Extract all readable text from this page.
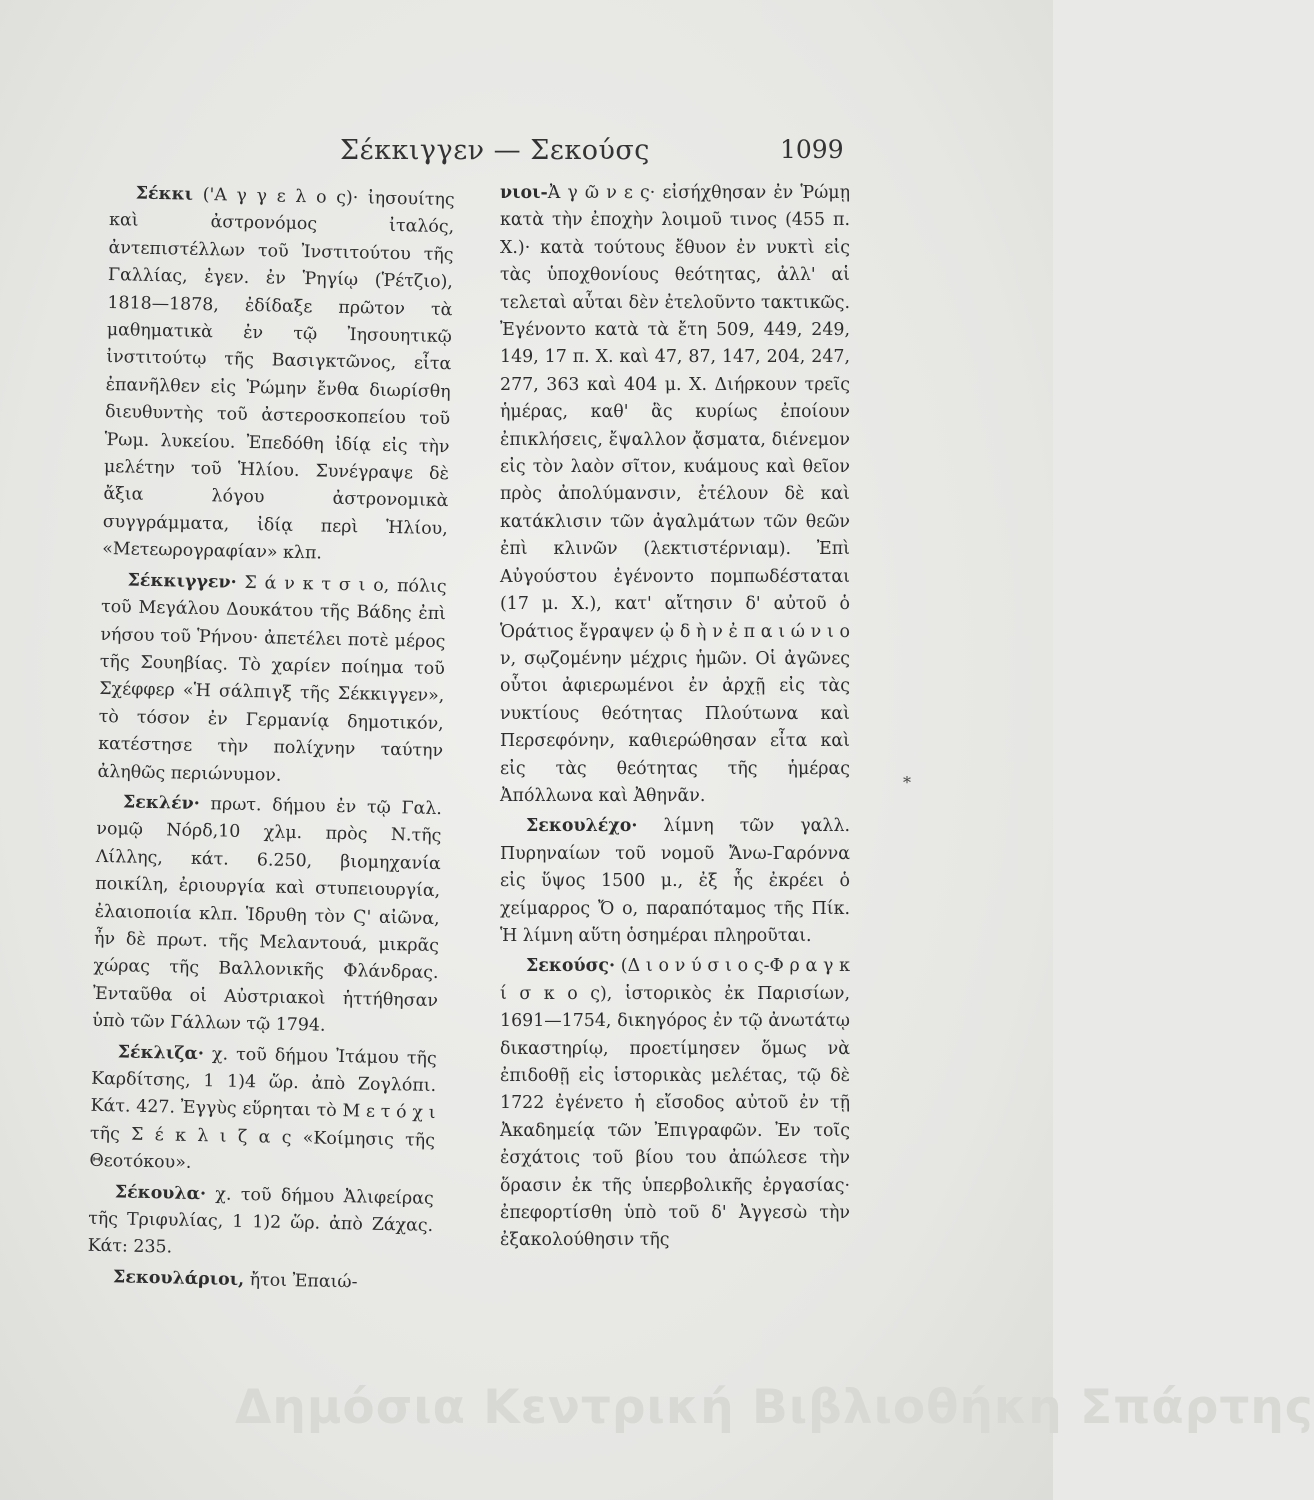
Σέκκιγγεν — Σεκούσς	1099

Σέκκι ('Α γ γ ε λ ο ς)· ἰησουίτης καὶ ἀστρονόμος ἰταλός, ἀντεπιστέλλων τοῦ Ἰνστιτούτου τῆς Γαλλίας, ἐγεν. ἐν Ῥηγίῳ (Ῥέτζιο), 1818—1878, ἐδίδαξε πρῶτον τὰ μαθηματικὰ ἐν τῷ Ἰησουητικῷ ἰνστιτούτῳ τῆς Βασιγκτῶνος, εἶτα ἐπανῆλθεν εἰς Ῥώμην ἔνθα διωρίσθη διευθυντὴς τοῦ ἀστεροσκοπείου τοῦ Ῥωμ. λυκείου. Ἐπεδόθη ἰδίᾳ εἰς τὴν μελέτην τοῦ Ἡλίου. Συνέγραψε δὲ ἄξια λόγου ἀστρονομικὰ συγγράμματα, ἰδίᾳ περὶ Ἡλίου, «Μετεωρογραφίαν» κλπ.

Σέκκιγγεν· Σ ά ν κ τ σ ι ο, πόλις τοῦ Μεγάλου Δουκάτου τῆς Βάδης ἐπὶ νήσου τοῦ Ῥήνου· ἀπετέλει ποτὲ μέρος τῆς Σουηβίας. Τὸ χαρίεν ποίημα τοῦ Σχέφφερ «Ἡ σάλπιγξ τῆς Σέκκιγγεν», τὸ τόσον ἐν Γερμανίᾳ δημοτικόν, κατέστησε τὴν πολίχνην ταύτην ἀληθῶς περιώνυμον.

Σεκλέν· πρωτ. δήμου ἐν τῷ Γαλ. νομῷ Νόρδ,10 χλμ. πρὸς Ν.τῆς Λίλλης, κάτ. 6.250, βιομηχανία ποικίλη, ἐριουργία καὶ στυπειουργία, ἐλαιοποιία κλπ. Ἱδρυθη τὸν Ϛ' αἰῶνα, ἦν δὲ πρωτ. τῆς Μελαντουά, μικρᾶς χώρας τῆς Βαλλονικῆς Φλάνδρας. Ἐνταῦθα οἱ Αὐστριακοὶ ἡττήθησαν ὑπὸ τῶν Γάλλων τῷ 1794.

Σέκλιζα· χ. τοῦ δήμου Ἰτάμου τῆς Καρδίτσης, 1 1)4 ὥρ. ἀπὸ Ζογλόπι. Κάτ. 427. Ἐγγὺς εὕρηται τὸ Μ ε τ ό χ ι τῆς Σ έ κ λ ι ζ α ς «Κοίμησις τῆς Θεοτόκου».

Σέκουλα· χ. τοῦ δήμου Ἀλιφείρας τῆς Τριφυλίας, 1 1)2 ὥρ. ἀπὸ Ζάχας. Κάτ: 235.

Σεκουλάριοι, ἤτοι Ἐπαιώ-

νιοι-Ἀ γ ῶ ν ε ς· εἰσήχθησαν ἐν Ῥώμῃ κατὰ τὴν ἐποχὴν λοιμοῦ τινος (455 π. Χ.)· κατὰ τούτους ἔθυον ἐν νυκτὶ εἰς τὰς ὑποχθονίους θεότητας, ἀλλ' αἱ τελεταὶ αὗται δὲν ἐτελοῦντο τακτικῶς. Ἐγένοντο κατὰ τὰ ἔτη 509, 449, 249, 149, 17 π. Χ. καὶ 47, 87, 147, 204, 247, 277, 363 καὶ 404 μ. Χ. Διήρκουν τρεῖς ἡμέρας, καθ' ἃς κυρίως ἐποίουν ἐπικλήσεις, ἔψαλλον ᾄσματα, διένεμον εἰς τὸν λαὸν σῖτον, κυάμους καὶ θεῖον πρὸς ἀπολύμανσιν, ἐτέλουν δὲ καὶ κατάκλισιν τῶν ἀγαλμάτων τῶν θεῶν ἐπὶ κλινῶν (λεκτιστέρνιαμ). Ἐπὶ Αὐγούστου ἐγένοντο πομπωδέσταται (17 μ. Χ.), κατ' αἴτησιν δ' αὐτοῦ ὁ Ὁράτιος ἔγραψεν ᾠ δ ὴ ν ἐ π α ι ώ ν ι ο ν, σῳζομένην μέχρις ἡμῶν. Οἱ ἀγῶνες οὗτοι ἀφιερωμένοι ἐν ἀρχῇ εἰς τὰς νυκτίους θεότητας Πλούτωνα καὶ Περσεφόνην, καθιερώθησαν εἶτα καὶ εἰς τὰς θεότητας τῆς ἡμέρας Ἀπόλλωνα καὶ Ἀθηνᾶν.

Σεκουλέχο· λίμνη τῶν γαλλ. Πυρηναίων τοῦ νομοῦ Ἄνω-Γαρόννα εἰς ὕψος 1500 μ., ἐξ ἧς ἐκρέει ὁ χείμαρρος Ὄ ο, παραπόταμος τῆς Πίκ. Ἡ λίμνη αὕτη ὁσημέραι πληροῦται.

Σεκούσς· (Δ ι ο ν ύ σ ι ο ς-Φ ρ α γ κ ί σ κ ο ς), ἱστορικὸς ἐκ Παρισίων, 1691—1754, δικηγόρος ἐν τῷ ἀνωτάτῳ δικαστηρίῳ, προετίμησεν ὅμως νὰ ἐπιδοθῇ εἰς ἱστορικὰς μελέτας, τῷ δὲ 1722 ἐγένετο ἡ εἴσοδος αὐτοῦ ἐν τῇ Ἀκαδημείᾳ τῶν Ἐπιγραφῶν. Ἐν τοῖς ἐσχάτοις τοῦ βίου του ἀπώλεσε τὴν ὅρασιν ἐκ τῆς ὑπερβολικῆς ἐργασίας· ἐπεφορτίσθη ὑπὸ τοῦ δ' Ἀγγεσὼ τὴν ἐξακολούθησιν τῆς

*
Δημόσια Κεντρική Βιβλιοθήκη Σπάρτης
